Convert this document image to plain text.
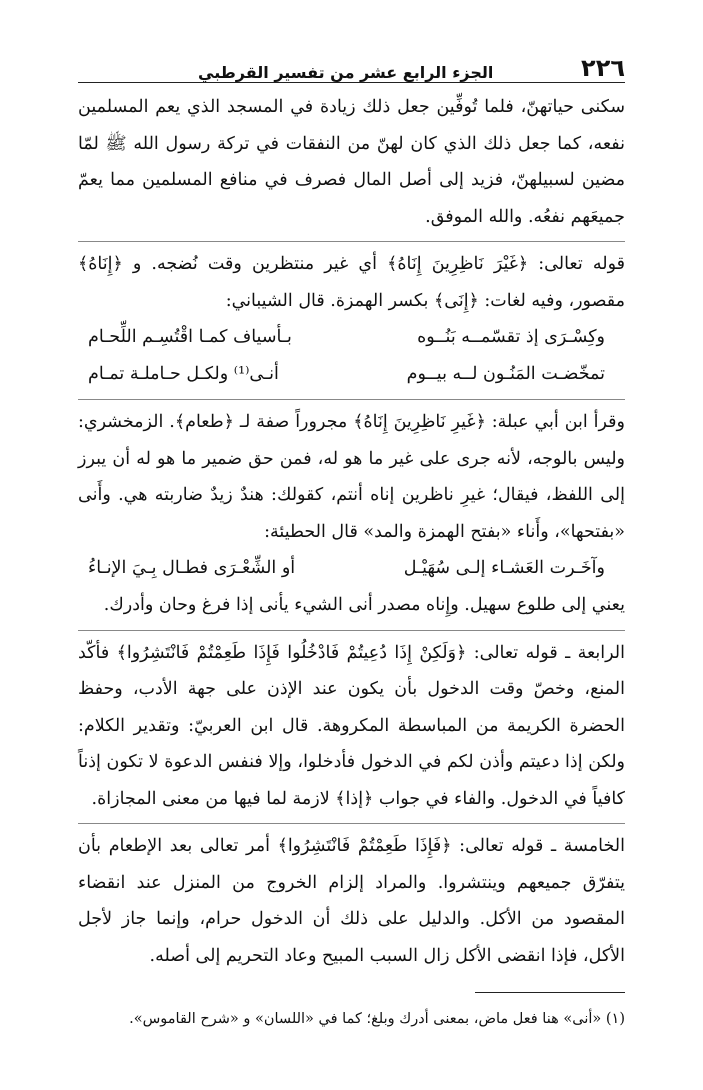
٢٢٦
الجزء الرابع عشر من تفسير القرطبي

سكنى حياتهنّ، فلما تُوفِّين جعل ذلك زيادة في المسجد الذي يعم المسلمين نفعه، كما جعل ذلك الذي كان لهنّ من النفقات في تركة رسول الله ﷺ لمّا مضين لسبيلهنّ، فزيد إلى أصل المال فصرف في منافع المسلمين مما يعمّ جميعَهم نفعُه. والله الموفق.

قوله تعالى: ﴿غَيْرَ نَاظِرِينَ إِنَاهُ﴾ أي غير منتظرين وقت نُضجه. و ﴿إِنَاهُ﴾ مقصور، وفيه لغات: ﴿إِنَى﴾ بكسر الهمزة. قال الشيباني:

وكِسْـرَى إذ تقسّمــه بَنُــوه
بـأسياف كمـا اقْتُسِـم اللِّحـام
تمخّضـت المَنُـون لــه بيــوم
أنـى⁽¹⁾ ولكـل حـاملـة تمـام

وقرأ ابن أبي عبلة: ﴿غَيرِ نَاظِرِينَ إِنَاهُ﴾ مجروراً صفة لـ ﴿طعام﴾. الزمخشري: وليس بالوجه، لأنه جرى على غير ما هو له، فمن حق ضمير ما هو له أن يبرز إلى اللفظ، فيقال؛ غيرِ ناظرين إناه أنتم، كقولك: هندٌ زيدٌ ضاربته هي. وأَنى «بفتحها»، وأَناء «بفتح الهمزة والمد» قال الحطيئة:

وآخَـرت العَشـاء إلـى سُهَيْـل
أو الشِّعْـرَى فطـال بِـيَ الإنـاءُ

يعني إلى طلوع سهيل. وإِناه مصدر أنى الشيء يأنى إذا فرغ وحان وأدرك.

الرابعة ـ قوله تعالى: ﴿وَلَكِنْ إِذَا دُعِيتُمْ فَادْخُلُوا فَإِذَا طَعِمْتُمْ فَانْتَشِرُوا﴾ فأكّد المنع، وخصّ وقت الدخول بأن يكون عند الإذن على جهة الأدب، وحفظ الحضرة الكريمة من المباسطة المكروهة. قال ابن العربيّ: وتقدير الكلام: ولكن إذا دعيتم وأذن لكم في الدخول فأدخلوا، وإلا فنفس الدعوة لا تكون إذناً كافياً في الدخول. والفاء في جواب ﴿إذا﴾ لازمة لما فيها من معنى المجازاة.

الخامسة ـ قوله تعالى: ﴿فَإِذَا طَعِمْتُمْ فَانْتَشِرُوا﴾ أمر تعالى بعد الإطعام بأن يتفرّق جميعهم وينتشروا. والمراد إلزام الخروج من المنزل عند انقضاء المقصود من الأكل. والدليل على ذلك أن الدخول حرام، وإنما جاز لأجل الأكل، فإذا انقضى الأكل زال السبب المبيح وعاد التحريم إلى أصله.

(١) «أنى» هنا فعل ماض، بمعنى أدرك وبلغ؛ كما في «اللسان» و «شرح القاموس».
